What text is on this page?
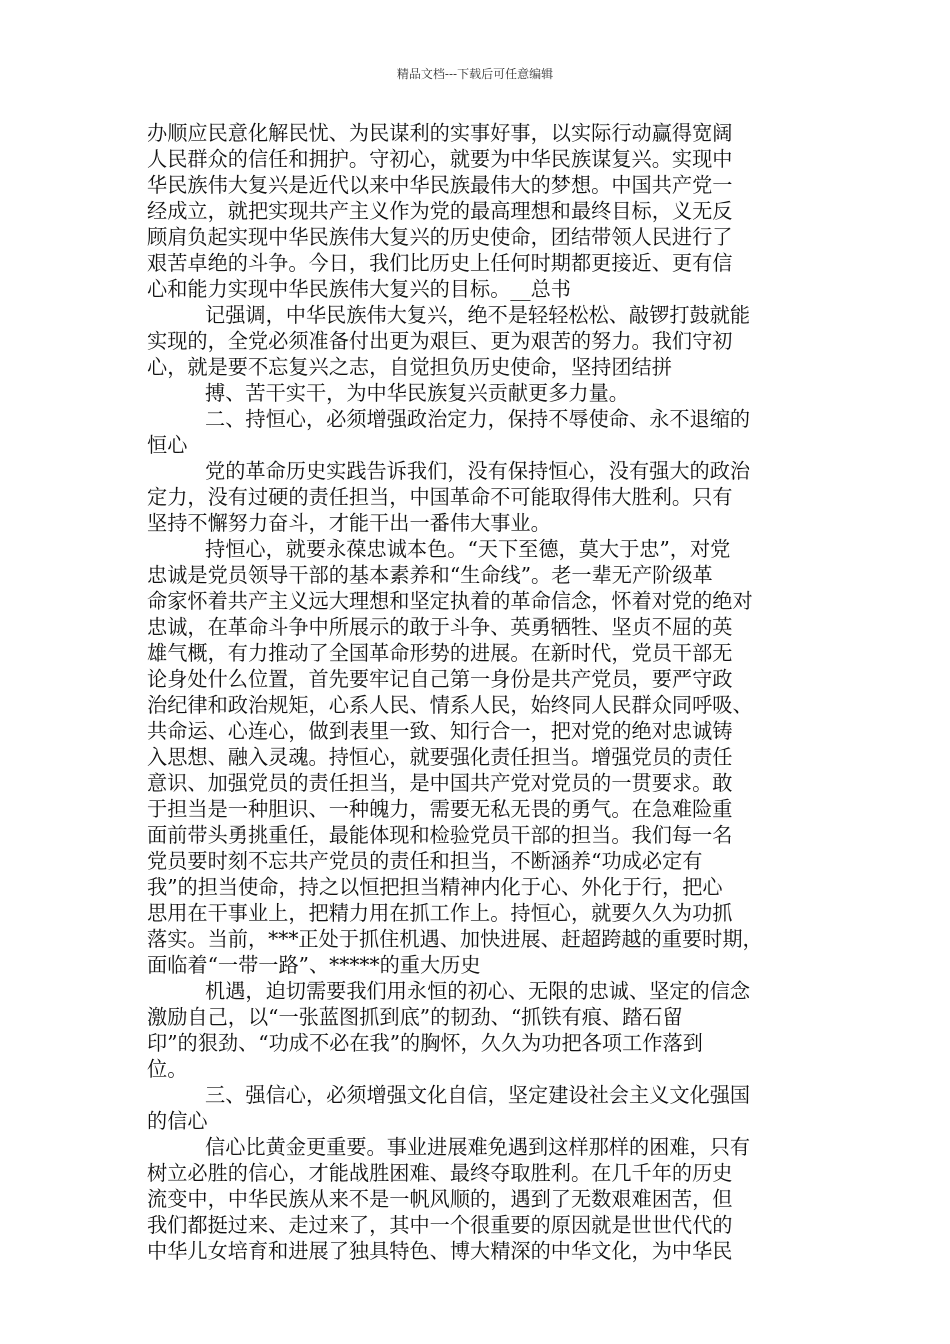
精品文档---下载后可任意编辑
办顺应民意化解民忧、为民谋利的实事好事，以实际行动赢得宽阔
人民群众的信任和拥护。守初心，就要为中华民族谋复兴。实现中
华民族伟大复兴是近代以来中华民族最伟大的梦想。中国共产党一
经成立，就把实现共产主义作为党的最高理想和最终目标，义无反
顾肩负起实现中华民族伟大复兴的历史使命，团结带领人民进行了
艰苦卓绝的斗争。今日，我们比历史上任何时期都更接近、更有信
心和能力实现中华民族伟大复兴的目标。__总书
记强调，中华民族伟大复兴，绝不是轻轻松松、敲锣打鼓就能
实现的，全党必须准备付出更为艰巨、更为艰苦的努力。我们守初
心，就是要不忘复兴之志，自觉担负历史使命，坚持团结拼
搏、苦干实干，为中华民族复兴贡献更多力量。
二、持恒心，必须增强政治定力，保持不辱使命、永不退缩的
恒心
党的革命历史实践告诉我们，没有保持恒心，没有强大的政治
定力，没有过硬的责任担当，中国革命不可能取得伟大胜利。只有
坚持不懈努力奋斗，才能干出一番伟大事业。
持恒心，就要永葆忠诚本色。“天下至德，莫大于忠”，对党
忠诚是党员领导干部的基本素养和“生命线”。老一辈无产阶级革
命家怀着共产主义远大理想和坚定执着的革命信念，怀着对党的绝对
忠诚，在革命斗争中所展示的敢于斗争、英勇牺牲、坚贞不屈的英
雄气概，有力推动了全国革命形势的进展。在新时代，党员干部无
论身处什么位置，首先要牢记自己第一身份是共产党员，要严守政
治纪律和政治规矩，心系人民、情系人民，始终同人民群众同呼吸、
共命运、心连心，做到表里一致、知行合一，把对党的绝对忠诚铸
入思想、融入灵魂。持恒心，就要强化责任担当。增强党员的责任
意识、加强党员的责任担当，是中国共产党对党员的一贯要求。敢
于担当是一种胆识、一种魄力，需要无私无畏的勇气。在急难险重
面前带头勇挑重任，最能体现和检验党员干部的担当。我们每一名
党员要时刻不忘共产党员的责任和担当，不断涵养“功成必定有
我”的担当使命，持之以恒把担当精神内化于心、外化于行，把心
思用在干事业上，把精力用在抓工作上。持恒心，就要久久为功抓
落实。当前，***正处于抓住机遇、加快进展、赶超跨越的重要时期，
面临着“一带一路”、*****的重大历史
机遇，迫切需要我们用永恒的初心、无限的忠诚、坚定的信念
激励自己，以“一张蓝图抓到底”的韧劲、“抓铁有痕、踏石留
印”的狠劲、“功成不必在我”的胸怀，久久为功把各项工作落到
位。
三、强信心，必须增强文化自信，坚定建设社会主义文化强国
的信心
信心比黄金更重要。事业进展难免遇到这样那样的困难，只有
树立必胜的信心，才能战胜困难、最终夺取胜利。在几千年的历史
流变中，中华民族从来不是一帆风顺的，遇到了无数艰难困苦，但
我们都挺过来、走过来了，其中一个很重要的原因就是世世代代的
中华儿女培育和进展了独具特色、博大精深的中华文化，为中华民
